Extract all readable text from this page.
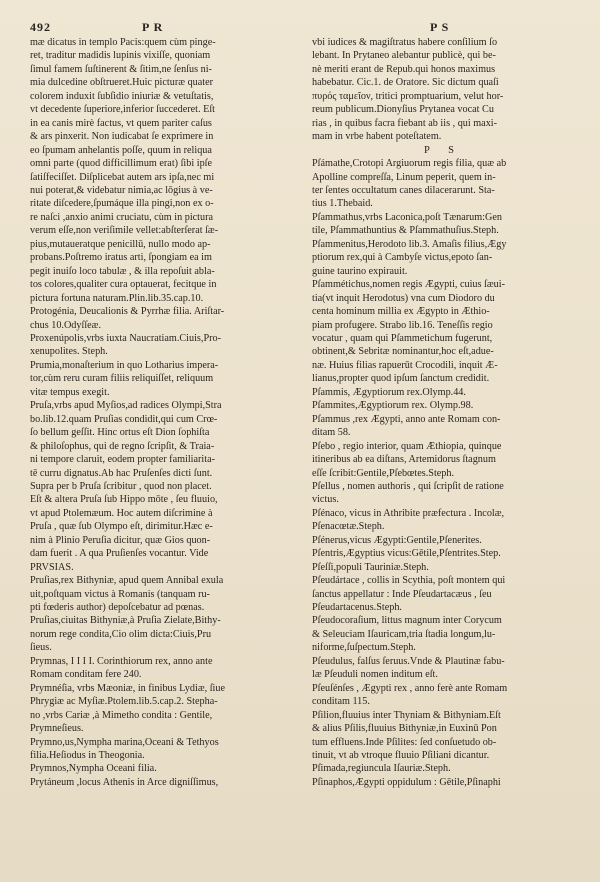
492	P R	P S
mæ dicatus in templo Pacis:quem cùm pinge-
ret, traditur madidis lupinis vixiſſe, quoniam
ſimul famem ſuſtinerent & ſitim,ne ſenſus ni-
mia dulcedine obſtrueret.Huic picturæ quater
colorem induxit ſubſidio iniuriæ & vetuſtatis,
vt decedente ſuperiore,inferior ſuccederet. Eſt
in ea canis mirè factus, vt quem pariter caſus
& ars pinxerit. Non iudicabat ſe exprimere in
eo ſpumam anhelantis poſſe, quum in reliqua
omni parte (quod difficillimum erat) ſibi ipſe
ſatiſfeciſſet. Diſplicebat autem ars ipſa,nec mi
nui poterat,& videbatur nimia,ac lōgius à ve-
ritate diſcedere,ſpumáque illa pingi,non ex o-
re naſci ,anxio animi cruciatu, cùm in pictura
verum eſſe,non veriſimile vellet:abſterſerat ſæ-
pius,mutaueratque penicillū, nullo modo ap-
probans.Poſtremo iratus arti, ſpongiam ea im
pegit inuiſo loco tabulæ , & illa repoſuit abla-
tos colores,qualiter cura optauerat, fecitque in
pictura fortuna naturam.Plin.lib.35.cap.10.
Protogénia, Deucalionis & Pyrrhæ filia. Ariſtar-
chus 10.Odyſſeæ.
Proxenúpolis,vrbs iuxta Naucratiam.Ciuis,Pro-
xenupolites. Steph.
Prumia,monaſterium in quo Lotharius impera-
tor,cùm reru curam filiis reliquiſſet, reliquum
vitæ tempus exegit.
Pruſa,vrbs apud Myſios,ad radices Olympi,Stra
bo.lib.12.quam Pruſias condidit,qui cum Crœ-
ſo bellum geſſit. Hinc ortus eſt Dion ſophiſta
& philoſophus, qui de regno ſcripſit, & Traia-
ni tempore claruit, eodem propter familiarita-
tē curru dignatus.Ab hac Pruſenſes dicti ſunt.
Supra per b Pruſa ſcribitur , quod non placet.
Eſt & altera Pruſa ſub Hippo mōte , ſeu fluuio,
vt apud Ptolemæum. Hoc autem diſcrimine à
Pruſa , quæ ſub Olympo eſt, dirimitur.Hæc e-
nim à Plinio Peruſia dicitur, quæ Gios quon-
dam fuerit . A qua Pruſienſes vocantur. Vide
PRVSIAS.
Pruſias,rex Bithyniæ, apud quem Annibal exula
uit,poſtquam victus à Romanis (tanquam ru-
pti fœderis author) depoſcebatur ad pœnas.
Pruſias,ciuitas Bithyniæ,à Pruſia Zielate,Bithy-
norum rege condita,Cio olim dicta:Ciuis,Pru
ſieus.
Prymnas, I I I I. Corinthiorum rex, anno ante
Romam conditam fere 240.
Prymnéſia, vrbs Mæoniæ, in finibus Lydiæ, ſiue
Phrygiæ ac Myſiæ.Ptolem.lib.5.cap.2. Stepha-
no ,vrbs Cariæ ,à Mimetho condita : Gentile,
Prymneſieus.
Prymno,us,Nympha marina,Oceani & Tethyos
filia.Heſiodus in Theogonia.
Prymnos,Nympha Oceani filia.
Prytáneum ,locus Athenis in Arce digniſſimus,
vbi iudices & magiſtratus habere conſilium ſo
lebant. In Prytaneo alebantur publicè, qui be-
nè meriti erant de Repub.qui honos maximus
habebatur. Cic.1. de Oratore. Sic dictum quaſi
πυρός ταμεῖον, tritici promptuarium, velut hor-
reum publicum.Dionyſius Prytanea vocat Cu
rias , in quibus facra fiebant ab iis , qui maxi-
mam in vrbe habent poteſtatem.

P S

Pſámathe,Crotopi Argiuorum regis filia, quæ ab
Apolline compreſſa, Linum peperit, quem in-
ter ſentes occultatum canes dilacerarunt. Sta-
tius 1.Thebaid.
Pſammathus,vrbs Laconica,poſt Tænarum:Gen
tile, Pſammathuntius & Pſammathuſius.Steph.
Pſammenitus,Herodoto lib.3. Amaſis filius,Ægy
ptiorum rex,qui à Cambyſe victus,epoto ſan-
guine taurino expirauit.
Pſammétichus,nomen regis Ægypti, cuius ſæui-
tia(vt inquit Herodotus) vna cum Diodoro du
centa hominum millia ex Ægypto in Æthio-
piam profugere. Strabo lib.16. Teneſſis regio
vocatur , quam qui Pſammetichum fugerunt,
obtinent,& Sebritæ nominantur,hoc eſt,adue-
næ. Huius filias rapuerūt Crocodili, inquit Æ-
lianus,propter quod ipſum ſanctum credidit.
Pſammis, Ægyptiorum rex.Olymp.44.
Pſammites,Ægyptiorum rex. Olymp.98.
Pſammus ,rex Ægypti, anno ante Romam con-
ditam 58.
Pſebo , regio interior, quam Æthiopia, quinque
itineribus ab ea diſtans, Artemidorus ſtagnum
eſſe ſcribit:Gentile,Pſebœtes.Steph.
Pſellus , nomen authoris , qui ſcripſit de ratione
victus.
Pſénaco, vicus in Athribite præfectura . Incolæ,
Pſenacœtæ.Steph.
Pſénerus,vicus Ægypti:Gentile,Pſenerites.
Pſentris,Ægyptius vicus:Gētile,Pſentrites.Step.
Pſeſſi,populi Tauriniæ.Steph.
Pſeudártace , collis in Scythia, poſt montem qui
ſanctus appellatur : Inde Pſeudartacæus , ſeu
Pſeudartacenus.Steph.
Pſeudocoraſium, littus magnum inter Corycum
& Seleuciam Iſauricam,tria ſtadia longum,lu-
niforme,ſuſpectum.Steph.
Pſeudulus, falſus ſeruus.Vnde & Plautinæ fabu-
læ Pſeuduli nomen inditum eſt.
Pſeuſénſes , Ægypti rex , anno ferè ante Romam
conditam 115.
Pſilion,fluuius inter Thyniam & Bithyniam.Eſt
& alius Pſilis,fluuius Bithyniæ,in Euxinū Pon
tum effluens.Inde Pſilites: ſed conſuetudo ob-
tinuit, vt ab vtroque fluuio Pſiliani dicantur.
Pſimada,regiuncula Iſauriæ.Steph.
Pſinaphos,Ægypti oppidulum : Gētile,Pſinaphi
